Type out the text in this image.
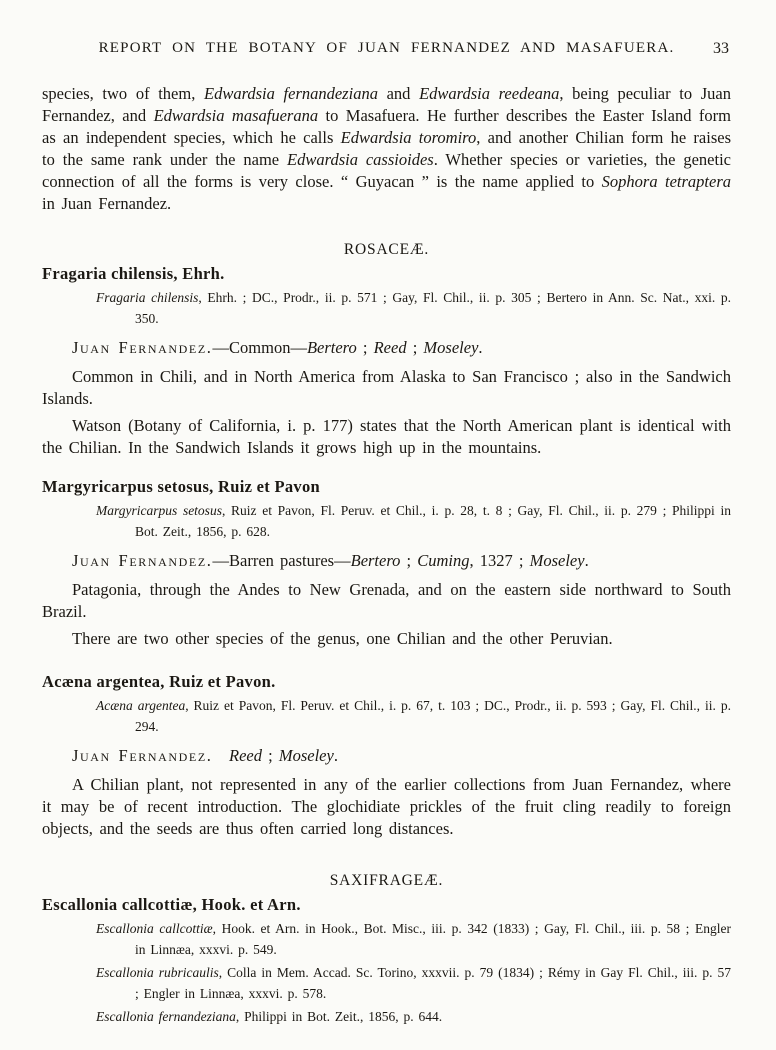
REPORT ON THE BOTANY OF JUAN FERNANDEZ AND MASAFUERA. 33

species, two of them, Edwardsia fernandeziana and Edwardsia reedeana, being peculiar to Juan Fernandez, and Edwardsia masafuerana to Masafuera. He further describes the Easter Island form as an independent species, which he calls Edwardsia toromiro, and another Chilian form he raises to the same rank under the name Edwardsia cassioides. Whether species or varieties, the genetic connection of all the forms is very close. “ Guyacan ” is the name applied to Sophora tetraptera in Juan Fernandez.

ROSACEÆ.
Fragaria chilensis, Ehrh.

Fragaria chilensis, Ehrh. ; DC., Prodr., ii. p. 571 ; Gay, Fl. Chil., ii. p. 305 ; Bertero in Ann. Sc. Nat., xxi. p. 350.

Juan Fernandez.—Common—Bertero ; Reed ; Moseley.

Common in Chili, and in North America from Alaska to San Francisco ; also in the Sandwich Islands.

Watson (Botany of California, i. p. 177) states that the North American plant is identical with the Chilian. In the Sandwich Islands it grows high up in the mountains.

Margyricarpus setosus, Ruiz et Pavon

Margyricarpus setosus, Ruiz et Pavon, Fl. Peruv. et Chil., i. p. 28, t. 8 ; Gay, Fl. Chil., ii. p. 279 ; Philippi in Bot. Zeit., 1856, p. 628.

Juan Fernandez.—Barren pastures—Bertero ; Cuming, 1327 ; Moseley.

Patagonia, through the Andes to New Grenada, and on the eastern side northward to South Brazil.

There are two other species of the genus, one Chilian and the other Peruvian.

Acæna argentea, Ruiz et Pavon.

Acæna argentea, Ruiz et Pavon, Fl. Peruv. et Chil., i. p. 67, t. 103 ; DC., Prodr., ii. p. 593 ; Gay, Fl. Chil., ii. p. 294.

Juan Fernandez.  Reed ; Moseley.

A Chilian plant, not represented in any of the earlier collections from Juan Fernandez, where it may be of recent introduction. The glochidiate prickles of the fruit cling readily to foreign objects, and the seeds are thus often carried long distances.

SAXIFRAGEÆ.
Escallonia callcottiæ, Hook. et Arn.

Escallonia callcottiæ, Hook. et Arn. in Hook., Bot. Misc., iii. p. 342 (1833) ; Gay, Fl. Chil., iii. p. 58 ; Engler in Linnæa, xxxvi. p. 549.

Escallonia rubricaulis, Colla in Mem. Accad. Sc. Torino, xxxvii. p. 79 (1834) ; Rémy in Gay Fl. Chil., iii. p. 57 ; Engler in Linnæa, xxxvi. p. 578.

Escallonia fernandeziana, Philippi in Bot. Zeit., 1856, p. 644.
